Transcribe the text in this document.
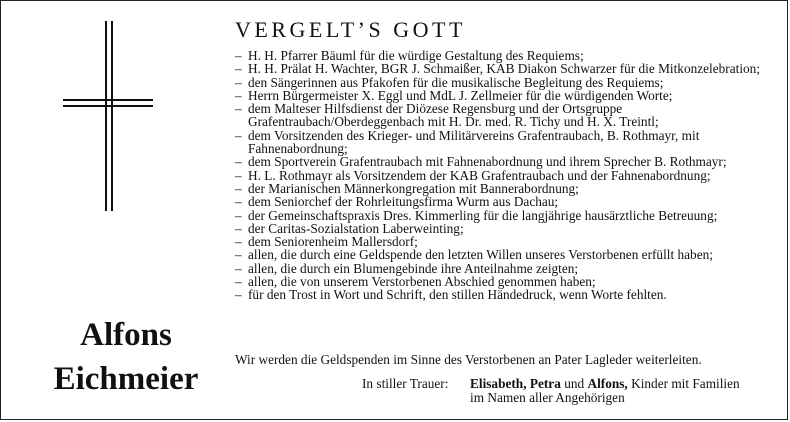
Alfons
Eichmeier
VERGELT’S GOTT
– H. H. Pfarrer Bäuml für die würdige Gestaltung des Requiems;
– H. H. Prälat H. Wachter, BGR J. Schmaißer, KAB Diakon Schwarzer für die Mitkonzelebration;
– den Sängerinnen aus Pfakofen für die musikalische Begleitung des Requiems;
– Herrn Bürgermeister X. Eggl und MdL J. Zellmeier für die würdigenden Worte;
– dem Malteser Hilfsdienst der Diözese Regensburg und der Ortsgruppe Grafentraubach/Oberdeggenbach mit H. Dr. med. R. Tichy und H. X. Treintl;
– dem Vorsitzenden des Krieger- und Militärvereins Grafentraubach, B. Rothmayr, mit Fahnenabordnung;
– dem Sportverein Grafentraubach mit Fahnenabordnung und ihrem Sprecher B. Rothmayr;
– H. L. Rothmayr als Vorsitzendem der KAB Grafentraubach und der Fahnenabordnung;
– der Marianischen Männerkongregation mit Bannerabordnung;
– dem Seniorchef der Rohrleitungsfirma Wurm aus Dachau;
– der Gemeinschaftspraxis Dres. Kimmerling für die langjährige hausärztliche Betreuung;
– der Caritas-Sozialstation Laberweinting;
– dem Seniorenheim Mallersdorf;
– allen, die durch eine Geldspende den letzten Willen unseres Verstorbenen erfüllt haben;
– allen, die durch ein Blumengebinde ihre Anteilnahme zeigten;
– allen, die von unserem Verstorbenen Abschied genommen haben;
– für den Trost in Wort und Schrift, den stillen Händedruck, wenn Worte fehlten.
Wir werden die Geldspenden im Sinne des Verstorbenen an Pater Lagleder weiterleiten.
In stiller Trauer: Elisabeth, Petra und Alfons, Kinder mit Familien
im Namen aller Angehörigen
